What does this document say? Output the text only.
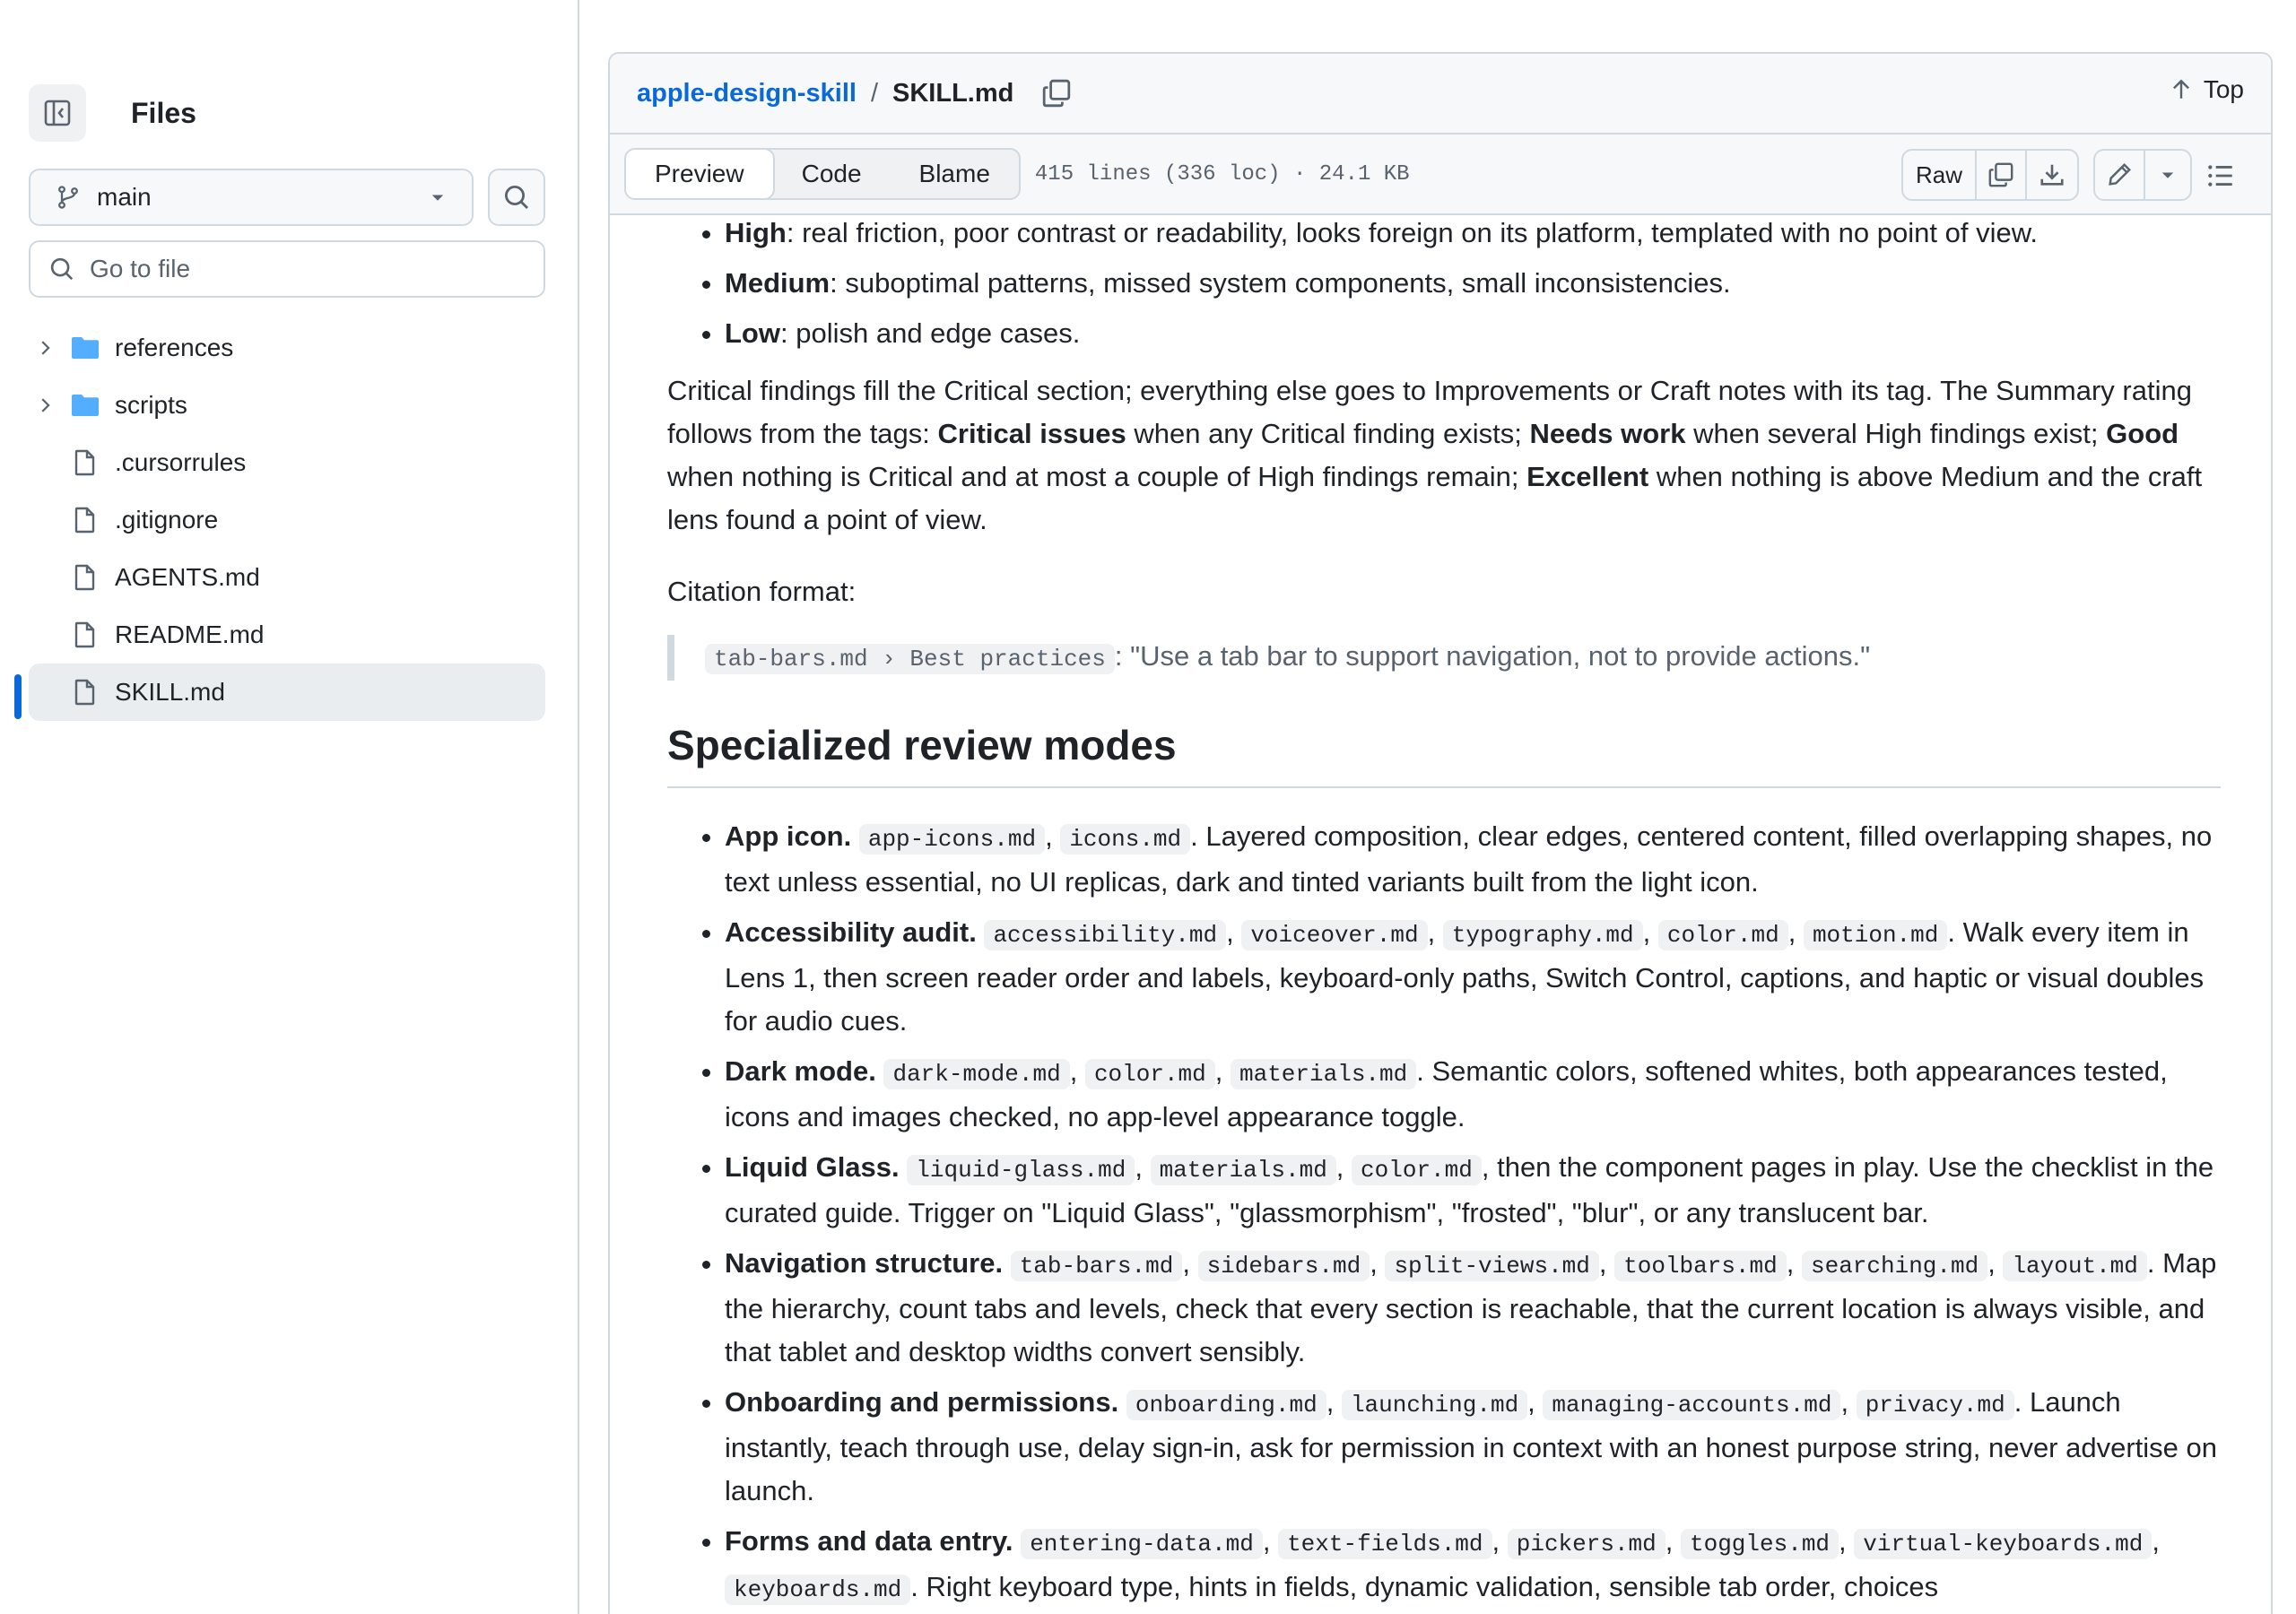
Files
main
Go to file
references
scripts
.cursorrules
.gitignore
AGENTS.md
README.md
SKILL.md
apple-design-skill / SKILL.md	Top
Preview	Code	Blame	415 lines (336 loc) · 24.1 KB	Raw
• High: real friction, poor contrast or readability, looks foreign on its platform, templated with no point of view.
• Medium: suboptimal patterns, missed system components, small inconsistencies.
• Low: polish and edge cases.

Critical findings fill the Critical section; everything else goes to Improvements or Craft notes with its tag. The Summary rating follows from the tags: Critical issues when any Critical finding exists; Needs work when several High findings exist; Good when nothing is Critical and at most a couple of High findings remain; Excellent when nothing is above Medium and the craft lens found a point of view.

Citation format:

tab-bars.md › Best practices : "Use a tab bar to support navigation, not to provide actions."
Specialized review modes
• App icon. app-icons.md , icons.md . Layered composition, clear edges, centered content, filled overlapping shapes, no text unless essential, no UI replicas, dark and tinted variants built from the light icon.
• Accessibility audit. accessibility.md , voiceover.md , typography.md , color.md , motion.md . Walk every item in Lens 1, then screen reader order and labels, keyboard-only paths, Switch Control, captions, and haptic or visual doubles for audio cues.
• Dark mode. dark-mode.md , color.md , materials.md . Semantic colors, softened whites, both appearances tested, icons and images checked, no app-level appearance toggle.
• Liquid Glass. liquid-glass.md , materials.md , color.md , then the component pages in play. Use the checklist in the curated guide. Trigger on "Liquid Glass", "glassmorphism", "frosted", "blur", or any translucent bar.
• Navigation structure. tab-bars.md , sidebars.md , split-views.md , toolbars.md , searching.md , layout.md . Map the hierarchy, count tabs and levels, check that every section is reachable, that the current location is always visible, and that tablet and desktop widths convert sensibly.
• Onboarding and permissions. onboarding.md , launching.md , managing-accounts.md , privacy.md . Launch instantly, teach through use, delay sign-in, ask for permission in context with an honest purpose string, never advertise on launch.
• Forms and data entry. entering-data.md , text-fields.md , pickers.md , toggles.md , virtual-keyboards.md , keyboards.md . Right keyboard type, hints in fields, dynamic validation, sensible tab order, choices
